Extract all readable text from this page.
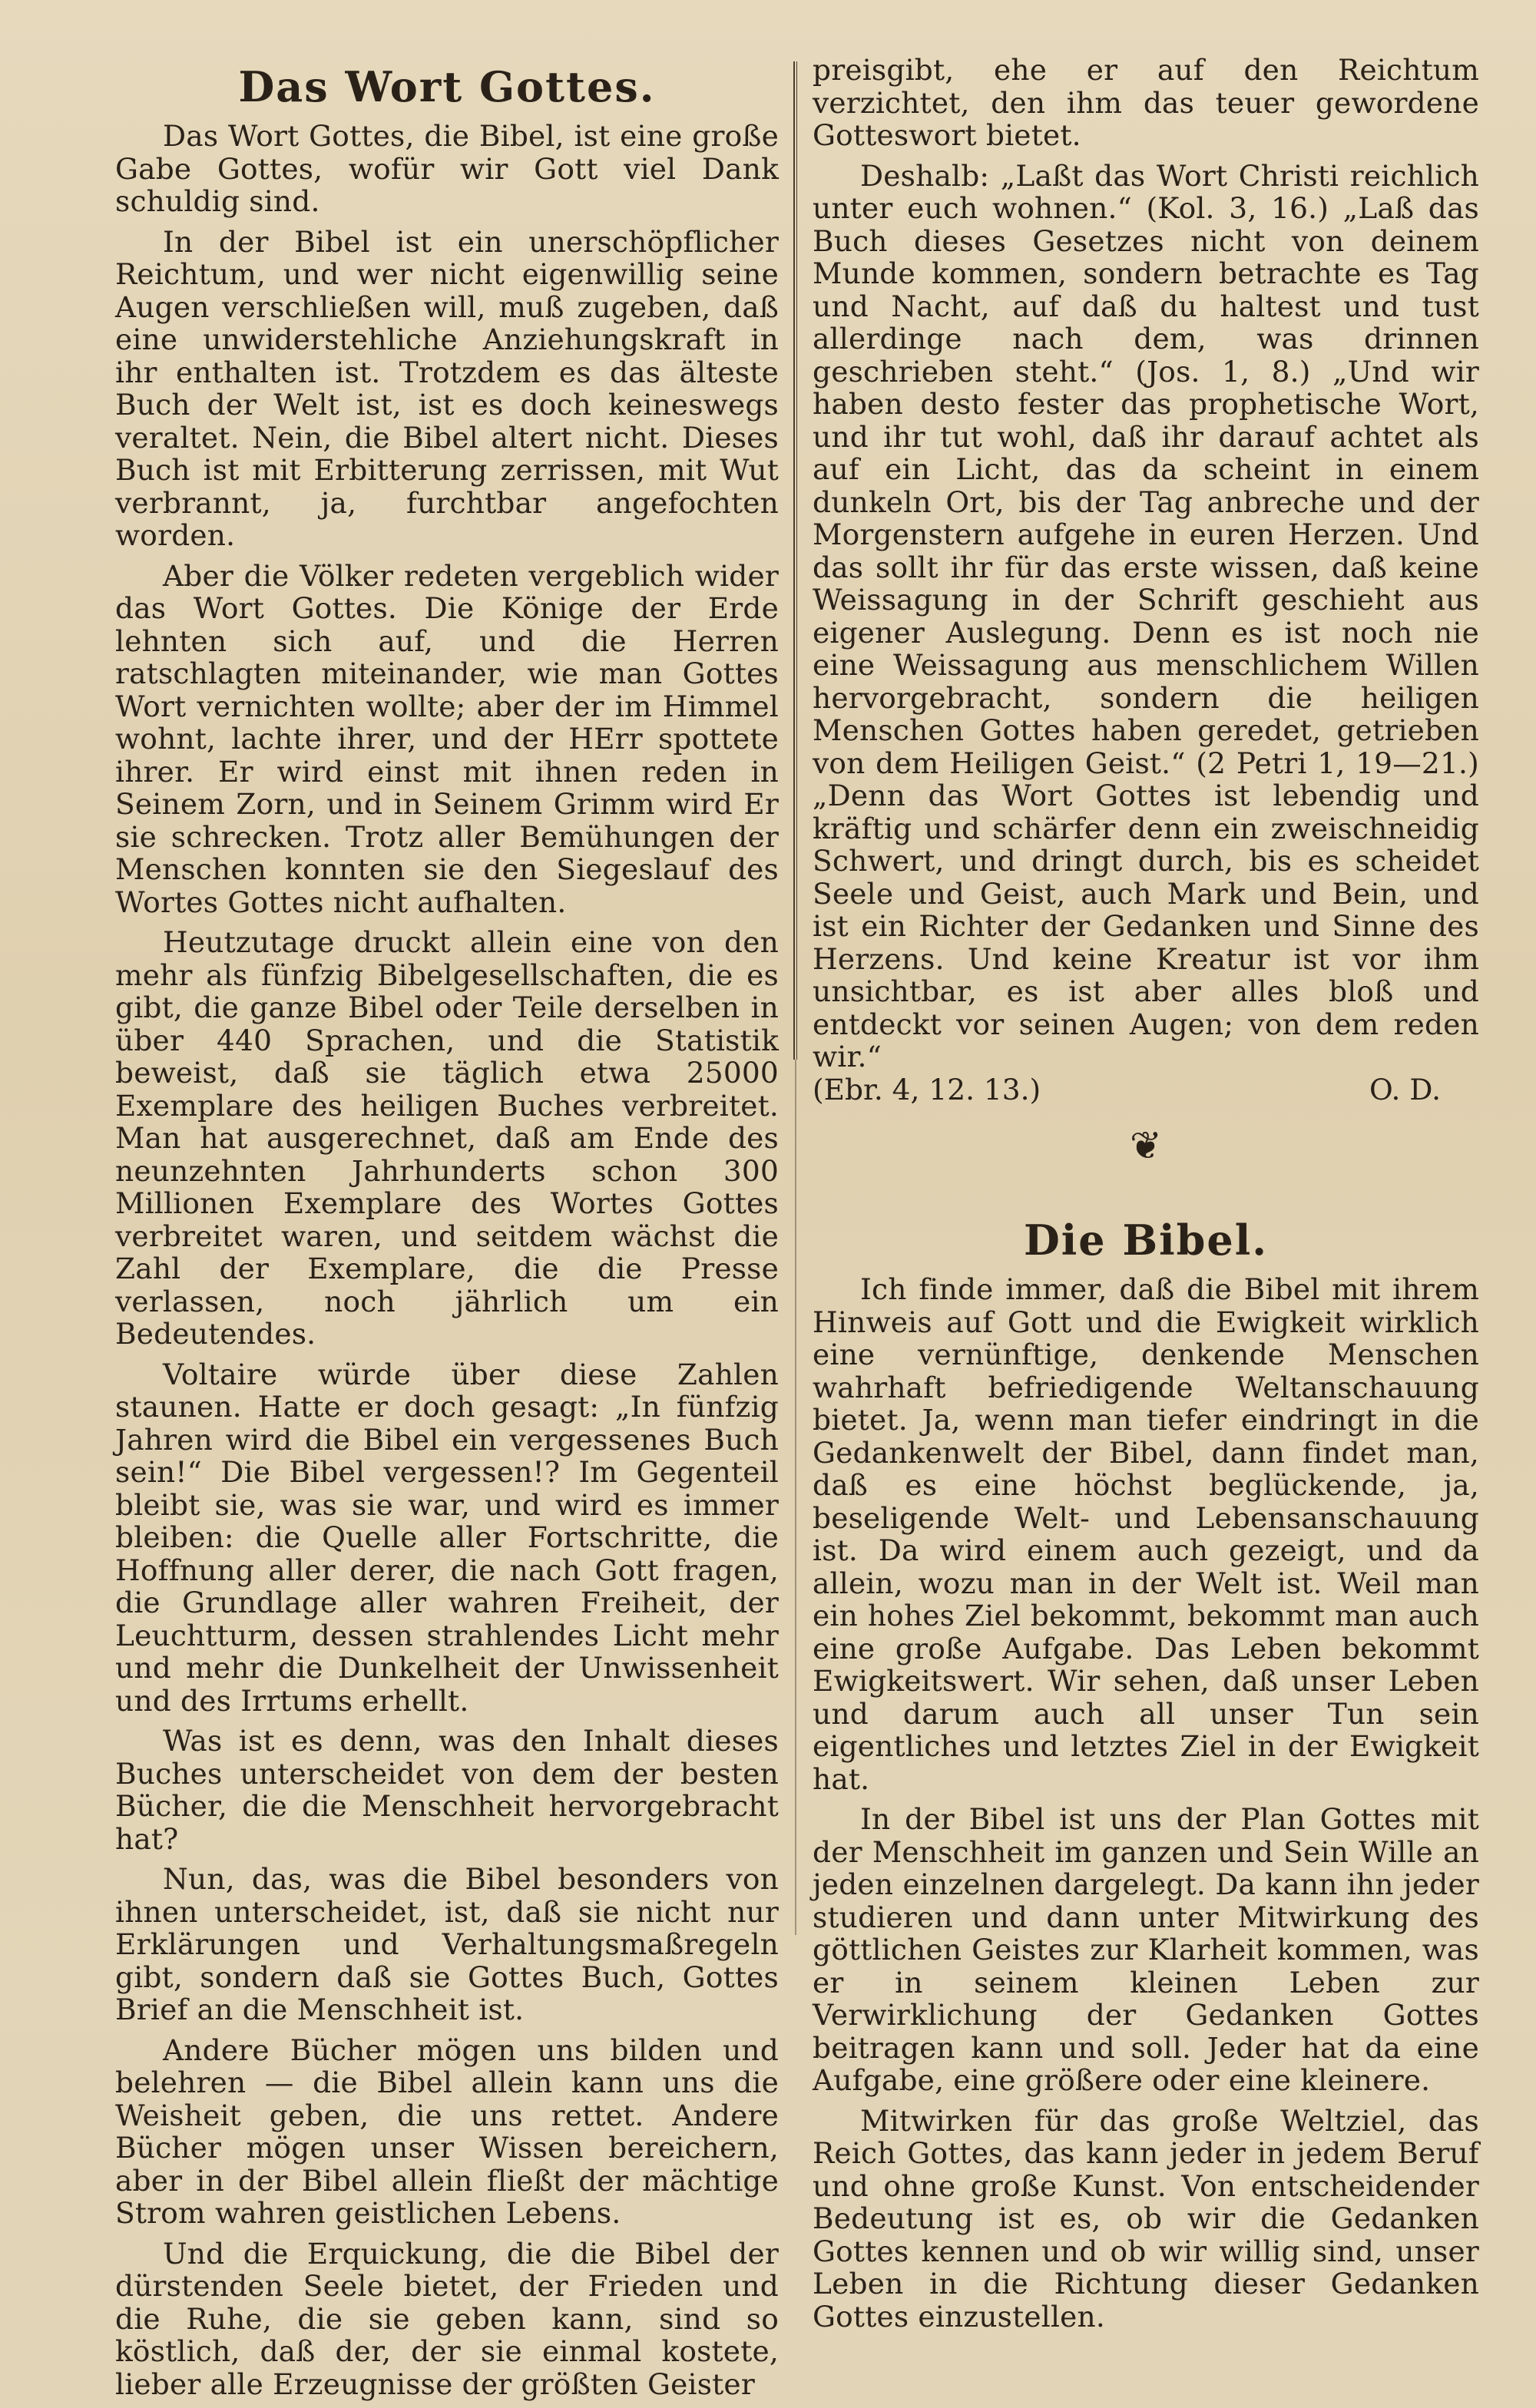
Das Wort Gottes.

Das Wort Gottes, die Bibel, ist eine große Gabe Gottes, wofür wir Gott viel Dank schuldig sind.

In der Bibel ist ein unerschöpflicher Reichtum, und wer nicht eigenwillig seine Augen verschließen will, muß zugeben, daß eine unwiderstehliche Anziehungskraft in ihr enthalten ist. Trotzdem es das älteste Buch der Welt ist, ist es doch keineswegs veraltet. Nein, die Bibel altert nicht. Dieses Buch ist mit Erbitterung zerrissen, mit Wut verbrannt, ja, furchtbar angefochten worden.

Aber die Völker redeten vergeblich wider das Wort Gottes. Die Könige der Erde lehnten sich auf, und die Herren ratschlagten miteinander, wie man Gottes Wort vernichten wollte; aber der im Himmel wohnt, lachte ihrer, und der HErr spottete ihrer. Er wird einst mit ihnen reden in Seinem Zorn, und in Seinem Grimm wird Er sie schrecken. Trotz aller Bemühungen der Menschen konnten sie den Siegeslauf des Wortes Gottes nicht aufhalten.

Heutzutage druckt allein eine von den mehr als fünfzig Bibelgesellschaften, die es gibt, die ganze Bibel oder Teile derselben in über 440 Sprachen, und die Statistik beweist, daß sie täglich etwa 25000 Exemplare des heiligen Buches verbreitet. Man hat ausgerechnet, daß am Ende des neunzehnten Jahrhunderts schon 300 Millionen Exemplare des Wortes Gottes verbreitet waren, und seitdem wächst die Zahl der Exemplare, die die Presse verlassen, noch jährlich um ein Bedeutendes.

Voltaire würde über diese Zahlen staunen. Hatte er doch gesagt: „In fünfzig Jahren wird die Bibel ein vergessenes Buch sein!“ Die Bibel vergessen!? Im Gegenteil bleibt sie, was sie war, und wird es immer bleiben: die Quelle aller Fortschritte, die Hoffnung aller derer, die nach Gott fragen, die Grundlage aller wahren Freiheit, der Leuchtturm, dessen strahlendes Licht mehr und mehr die Dunkelheit der Unwissenheit und des Irrtums erhellt.

Was ist es denn, was den Inhalt dieses Buches unterscheidet von dem der besten Bücher, die die Menschheit hervorgebracht hat?

Nun, das, was die Bibel besonders von ihnen unterscheidet, ist, daß sie nicht nur Erklärungen und Verhaltungsmaßregeln gibt, sondern daß sie Gottes Buch, Gottes Brief an die Menschheit ist.

Andere Bücher mögen uns bilden und belehren — die Bibel allein kann uns die Weisheit geben, die uns rettet. Andere Bücher mögen unser Wissen bereichern, aber in der Bibel allein fließt der mächtige Strom wahren geistlichen Lebens.

Und die Erquickung, die die Bibel der dürstenden Seele bietet, der Frieden und die Ruhe, die sie geben kann, sind so köstlich, daß der, der sie einmal kostete, lieber alle Erzeugnisse der größten Geister

preisgibt, ehe er auf den Reichtum verzichtet, den ihm das teuer gewordene Gotteswort bietet.

Deshalb: „Laßt das Wort Christi reichlich unter euch wohnen.“ (Kol. 3, 16.) „Laß das Buch dieses Gesetzes nicht von deinem Munde kommen, sondern betrachte es Tag und Nacht, auf daß du haltest und tust allerdinge nach dem, was drinnen geschrieben steht.“ (Jos. 1, 8.) „Und wir haben desto fester das prophetische Wort, und ihr tut wohl, daß ihr darauf achtet als auf ein Licht, das da scheint in einem dunkeln Ort, bis der Tag anbreche und der Morgenstern aufgehe in euren Herzen. Und das sollt ihr für das erste wissen, daß keine Weissagung in der Schrift geschieht aus eigener Auslegung. Denn es ist noch nie eine Weissagung aus menschlichem Willen hervorgebracht, sondern die heiligen Menschen Gottes haben geredet, getrieben von dem Heiligen Geist.“ (2 Petri 1, 19—21.) „Denn das Wort Gottes ist lebendig und kräftig und schärfer denn ein zweischneidig Schwert, und dringt durch, bis es scheidet Seele und Geist, auch Mark und Bein, und ist ein Richter der Gedanken und Sinne des Herzens. Und keine Kreatur ist vor ihm unsichtbar, es ist aber alles bloß und entdeckt vor seinen Augen; von dem reden wir.“

(Ebr. 4, 12. 13.)	O. D.
❦
Die Bibel.

Ich finde immer, daß die Bibel mit ihrem Hinweis auf Gott und die Ewigkeit wirklich eine vernünftige, denkende Menschen wahrhaft befriedigende Weltanschauung bietet. Ja, wenn man tiefer eindringt in die Gedankenwelt der Bibel, dann findet man, daß es eine höchst beglückende, ja, beseligende Welt- und Lebensanschauung ist. Da wird einem auch gezeigt, und da allein, wozu man in der Welt ist. Weil man ein hohes Ziel bekommt, bekommt man auch eine große Aufgabe. Das Leben bekommt Ewigkeitswert. Wir sehen, daß unser Leben und darum auch all unser Tun sein eigentliches und letztes Ziel in der Ewigkeit hat.

In der Bibel ist uns der Plan Gottes mit der Menschheit im ganzen und Sein Wille an jeden einzelnen dargelegt. Da kann ihn jeder studieren und dann unter Mitwirkung des göttlichen Geistes zur Klarheit kommen, was er in seinem kleinen Leben zur Verwirklichung der Gedanken Gottes beitragen kann und soll. Jeder hat da eine Aufgabe, eine größere oder eine kleinere.

Mitwirken für das große Weltziel, das Reich Gottes, das kann jeder in jedem Beruf und ohne große Kunst. Von entscheidender Bedeutung ist es, ob wir die Gedanken Gottes kennen und ob wir willig sind, unser Leben in die Richtung dieser Gedanken Gottes einzustellen.
